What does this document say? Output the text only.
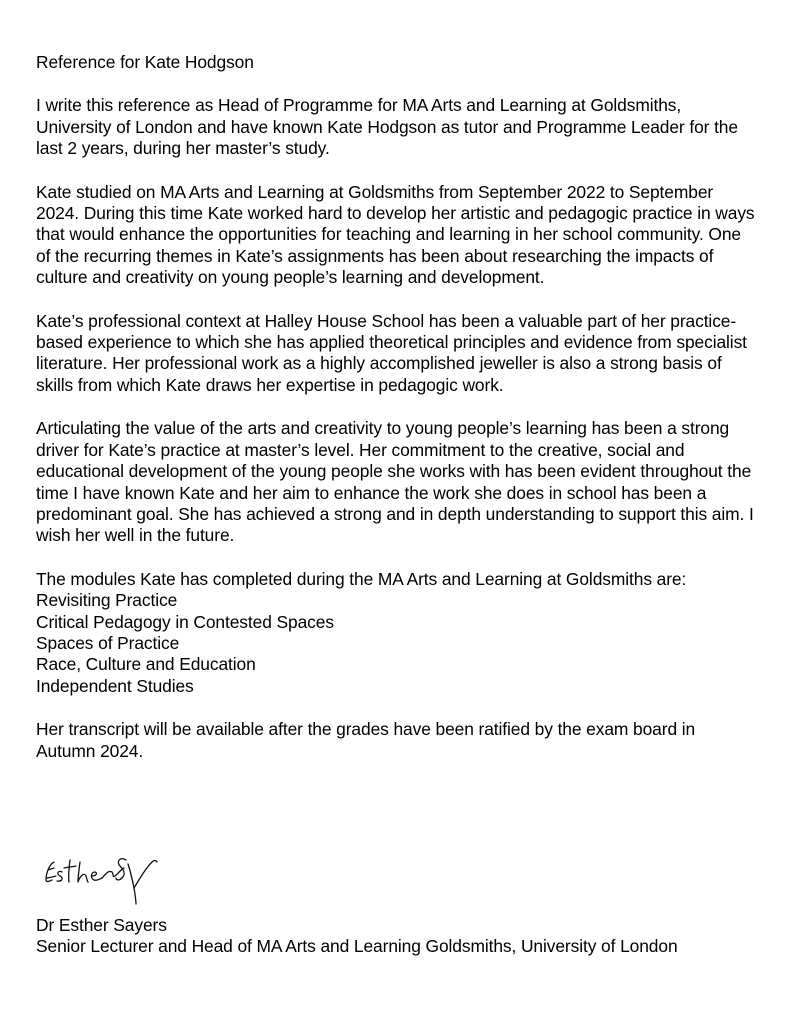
Reference for Kate Hodgson

I write this reference as Head of Programme for MA Arts and Learning at Goldsmiths, University of London and have known Kate Hodgson as tutor and Programme Leader for the last 2 years, during her master’s study.

Kate studied on MA Arts and Learning at Goldsmiths from September 2022 to September 2024. During this time Kate worked hard to develop her artistic and pedagogic practice in ways that would enhance the opportunities for teaching and learning in her school community. One of the recurring themes in Kate’s assignments has been about researching the impacts of culture and creativity on young people’s learning and development.

Kate’s professional context at Halley House School has been a valuable part of her practice-based experience to which she has applied theoretical principles and evidence from specialist literature. Her professional work as a highly accomplished jeweller is also a strong basis of skills from which Kate draws her expertise in pedagogic work.

Articulating the value of the arts and creativity to young people’s learning has been a strong driver for Kate’s practice at master’s level. Her commitment to the creative, social and educational development of the young people she works with has been evident throughout the time I have known Kate and her aim to enhance the work she does in school has been a predominant goal. She has achieved a strong and in depth understanding to support this aim. I wish her well in the future.

The modules Kate has completed during the MA Arts and Learning at Goldsmiths are:
Revisiting Practice
Critical Pedagogy in Contested Spaces
Spaces of Practice
Race, Culture and Education
Independent Studies

Her transcript will be available after the grades have been ratified by the exam board in Autumn 2024.

Dr Esther Sayers
Senior Lecturer and Head of MA Arts and Learning Goldsmiths, University of London
